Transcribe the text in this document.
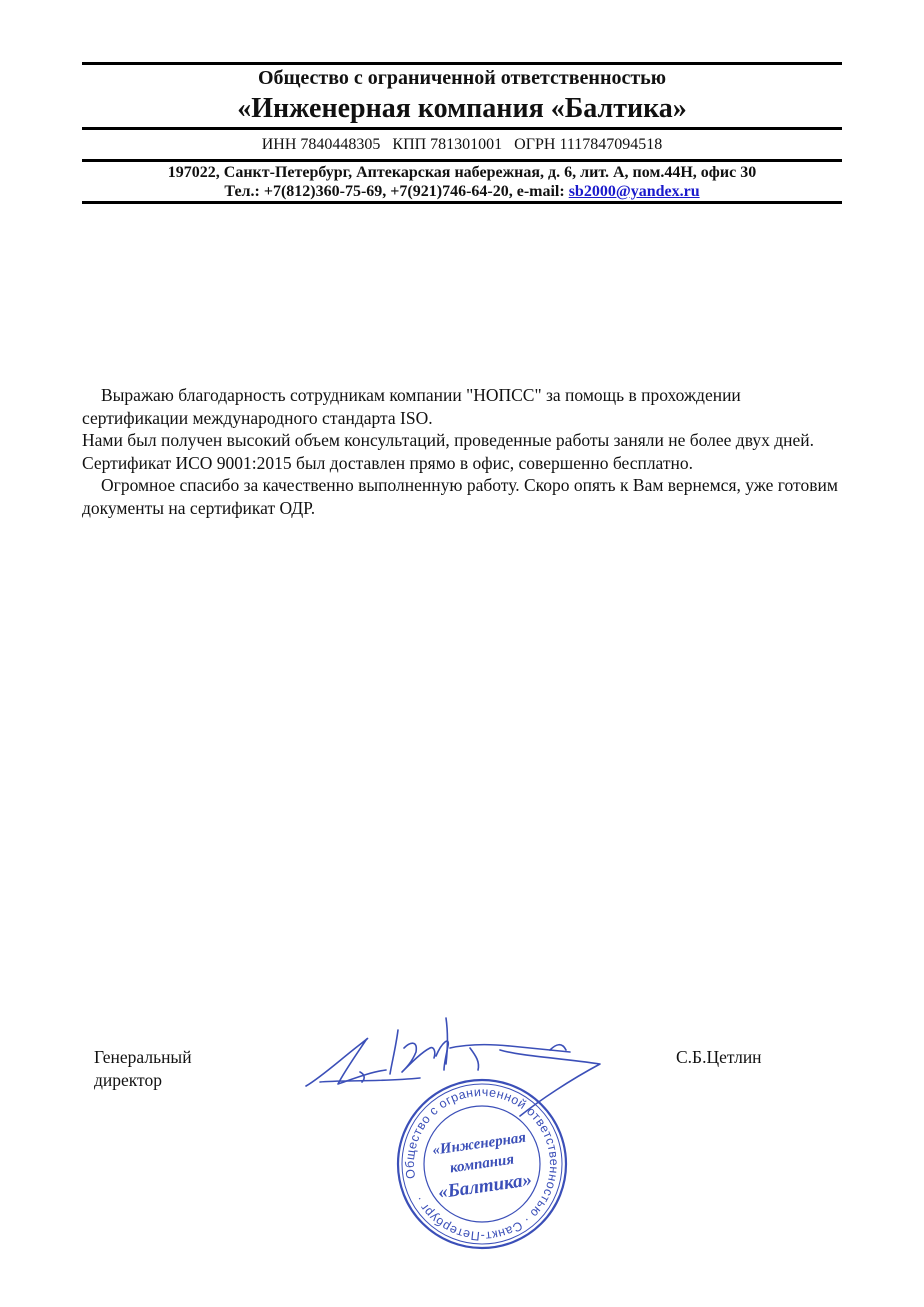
Общество с ограниченной ответственностью
«Инженерная компания «Балтика»
ИНН 7840448305   КПП 781301001   ОГРН 1117847094518
197022, Санкт-Петербург, Аптекарская набережная, д. 6, лит. А, пом.44Н, офис 30
Тел.: +7(812)360-75-69, +7(921)746-64-20, e-mail: sb2000@yandex.ru

Выражаю благодарность сотрудникам компании "НОПСС" за помощь в прохождении сертификации международного стандарта ISO.

Нами был получен высокий объем консультаций, проведенные работы заняли не более двух дней. Сертификат ИСО 9001:2015 был доставлен прямо в офис, совершенно бесплатно.

Огромное спасибо за качественно выполненную работу. Скоро опять к Вам вернемся, уже готовим документы на сертификат ОДР.

Генеральный директор
Общество с ограниченной ответственностью · Санкт-Петербург ·
«Инженерная
компания
«Балтика»
С.Б.Цетлин
